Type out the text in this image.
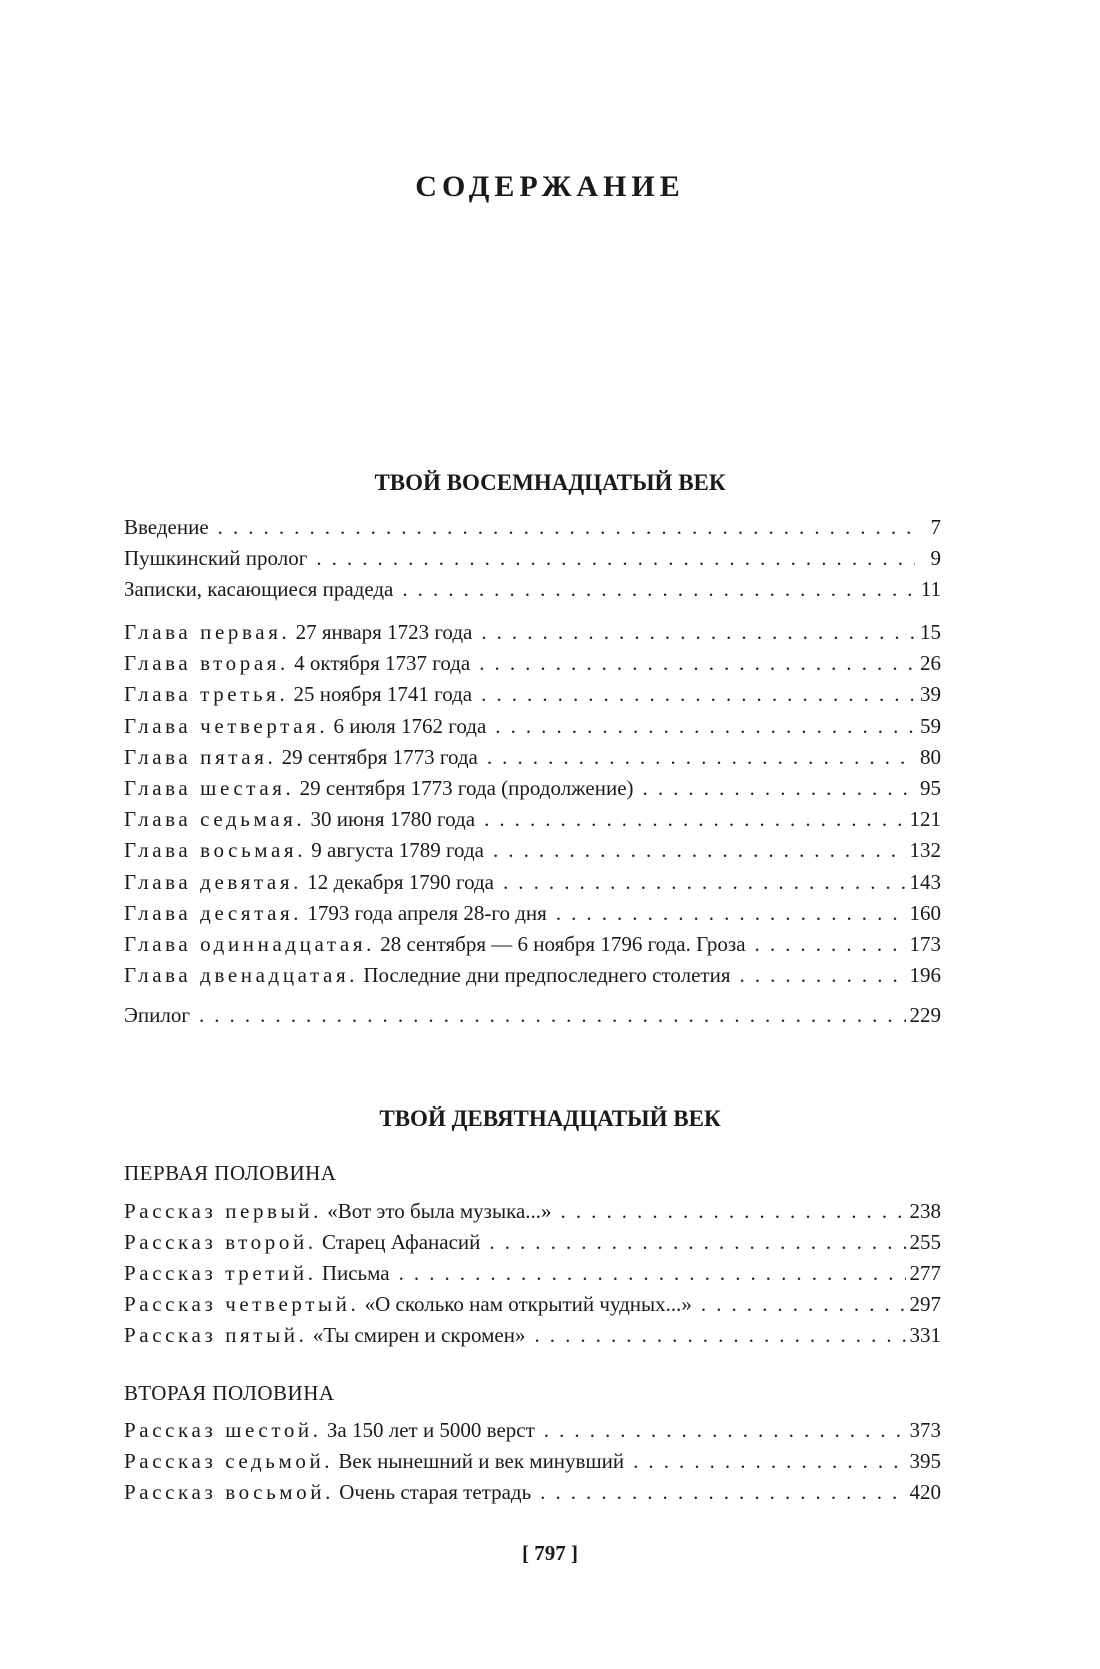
СОДЕРЖАНИЕ
ТВОЙ ВОСЕМНАДЦАТЫЙ ВЕК
Введение . . .	7
Пушкинский пролог . . .	9
Записки, касающиеся прадеда . . .	11
Глава первая. 27 января 1723 года . . .	15
Глава вторая. 4 октября 1737 года . . .	26
Глава третья. 25 ноября 1741 года . . .	39
Глава четвертая. 6 июля 1762 года . . .	59
Глава пятая. 29 сентября 1773 года . . .	80
Глава шестая. 29 сентября 1773 года (продолжение) . . .	95
Глава седьмая. 30 июня 1780 года . . .	121
Глава восьмая. 9 августа 1789 года . . .	132
Глава девятая. 12 декабря 1790 года . . .	143
Глава десятая. 1793 года апреля 28-го дня . . .	160
Глава одиннадцатая. 28 сентября — 6 ноября 1796 года. Гроза . . .	173
Глава двенадцатая. Последние дни предпоследнего столетия . . .	196
Эпилог . . .	229
ТВОЙ ДЕВЯТНАДЦАТЫЙ ВЕК
ПЕРВАЯ ПОЛОВИНА
Рассказ первый. «Вот это была музыка...» . . .	238
Рассказ второй. Старец Афанасий . . .	255
Рассказ третий. Письма . . .	277
Рассказ четвертый. «О сколько нам открытий чудных...» . . .	297
Рассказ пятый. «Ты смирен и скромен» . . .	331
ВТОРАЯ ПОЛОВИНА
Рассказ шестой. За 150 лет и 5000 верст . . .	373
Рассказ седьмой. Век нынешний и век минувший . . .	395
Рассказ восьмой. Очень старая тетрадь . . .	420
[ 797 ]
